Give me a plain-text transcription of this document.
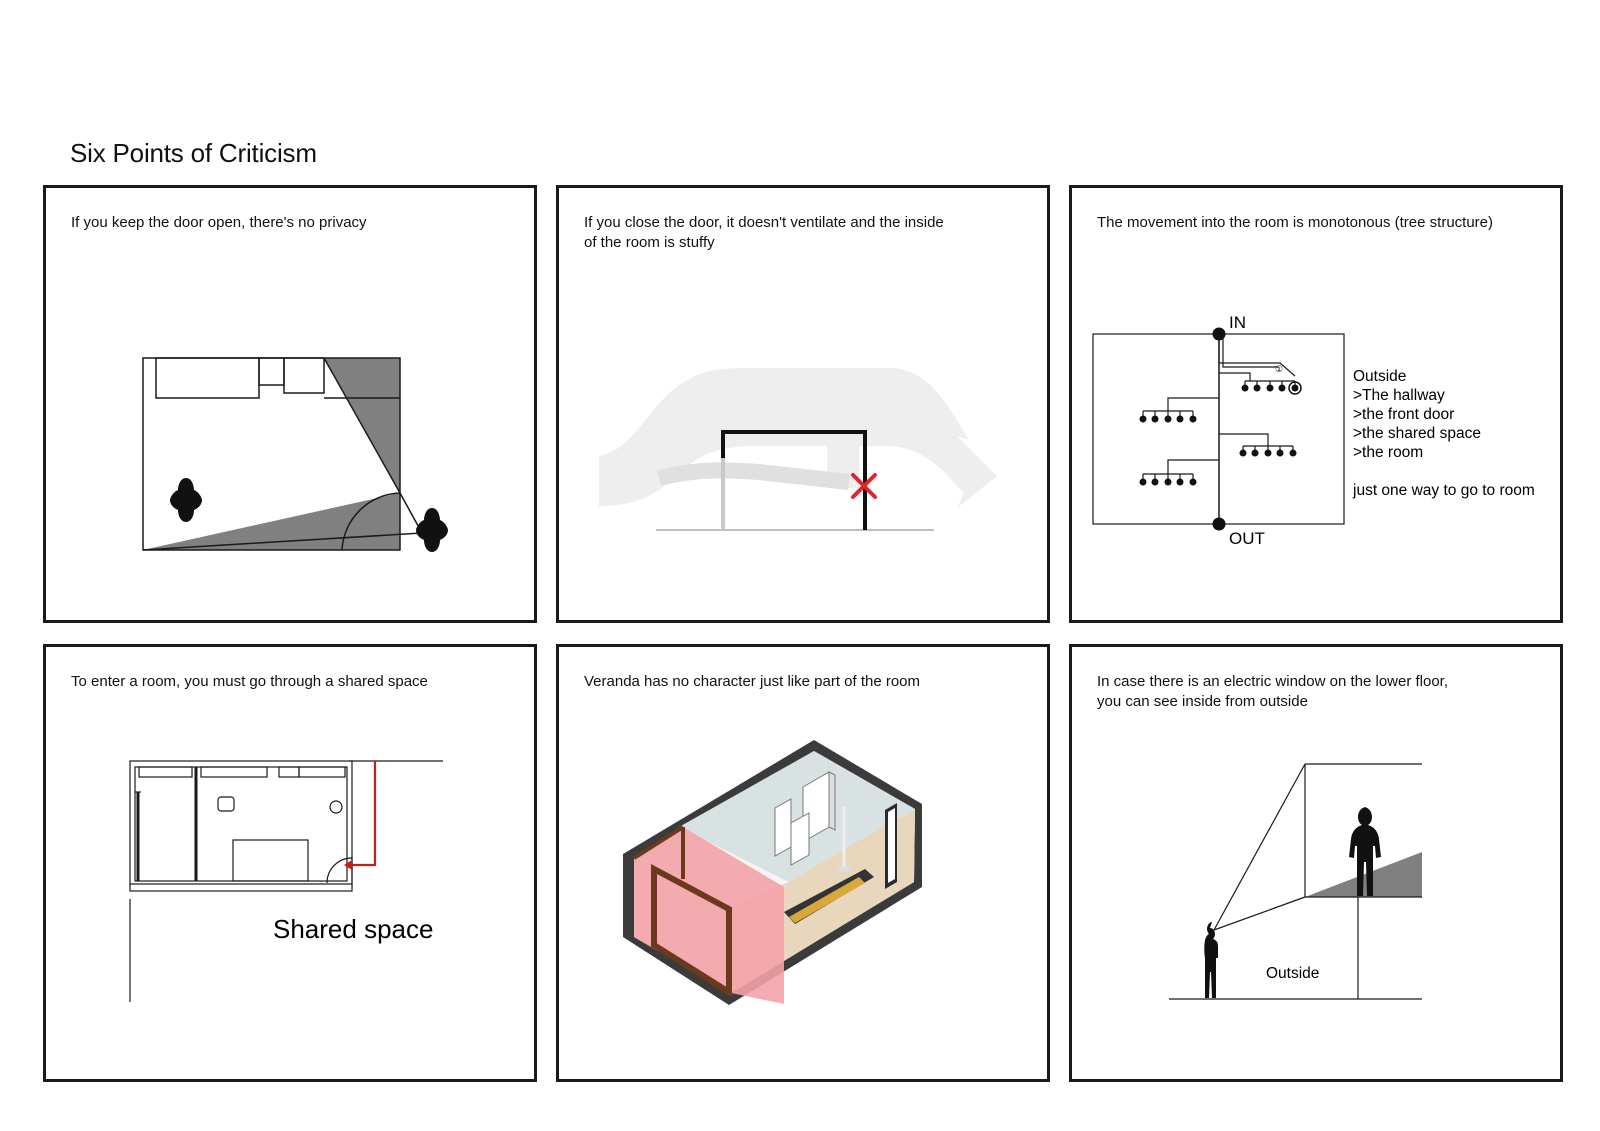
Six Points of Criticism

If you keep the door open, there's no privacy	If you close the door, it doesn't ventilate and the inside
of the room is stuffy

The movement into the room is monotonous (tree structure)

IN
OUT
①	Outside
>The hallway
>the front door
>the shared space
>the room
just one way to go to room

To enter a room, you must go through a shared space

Shared space

Veranda has no character just like part of the room	In case there is an electric window on the lower floor,
you can see inside from outside

Outside
